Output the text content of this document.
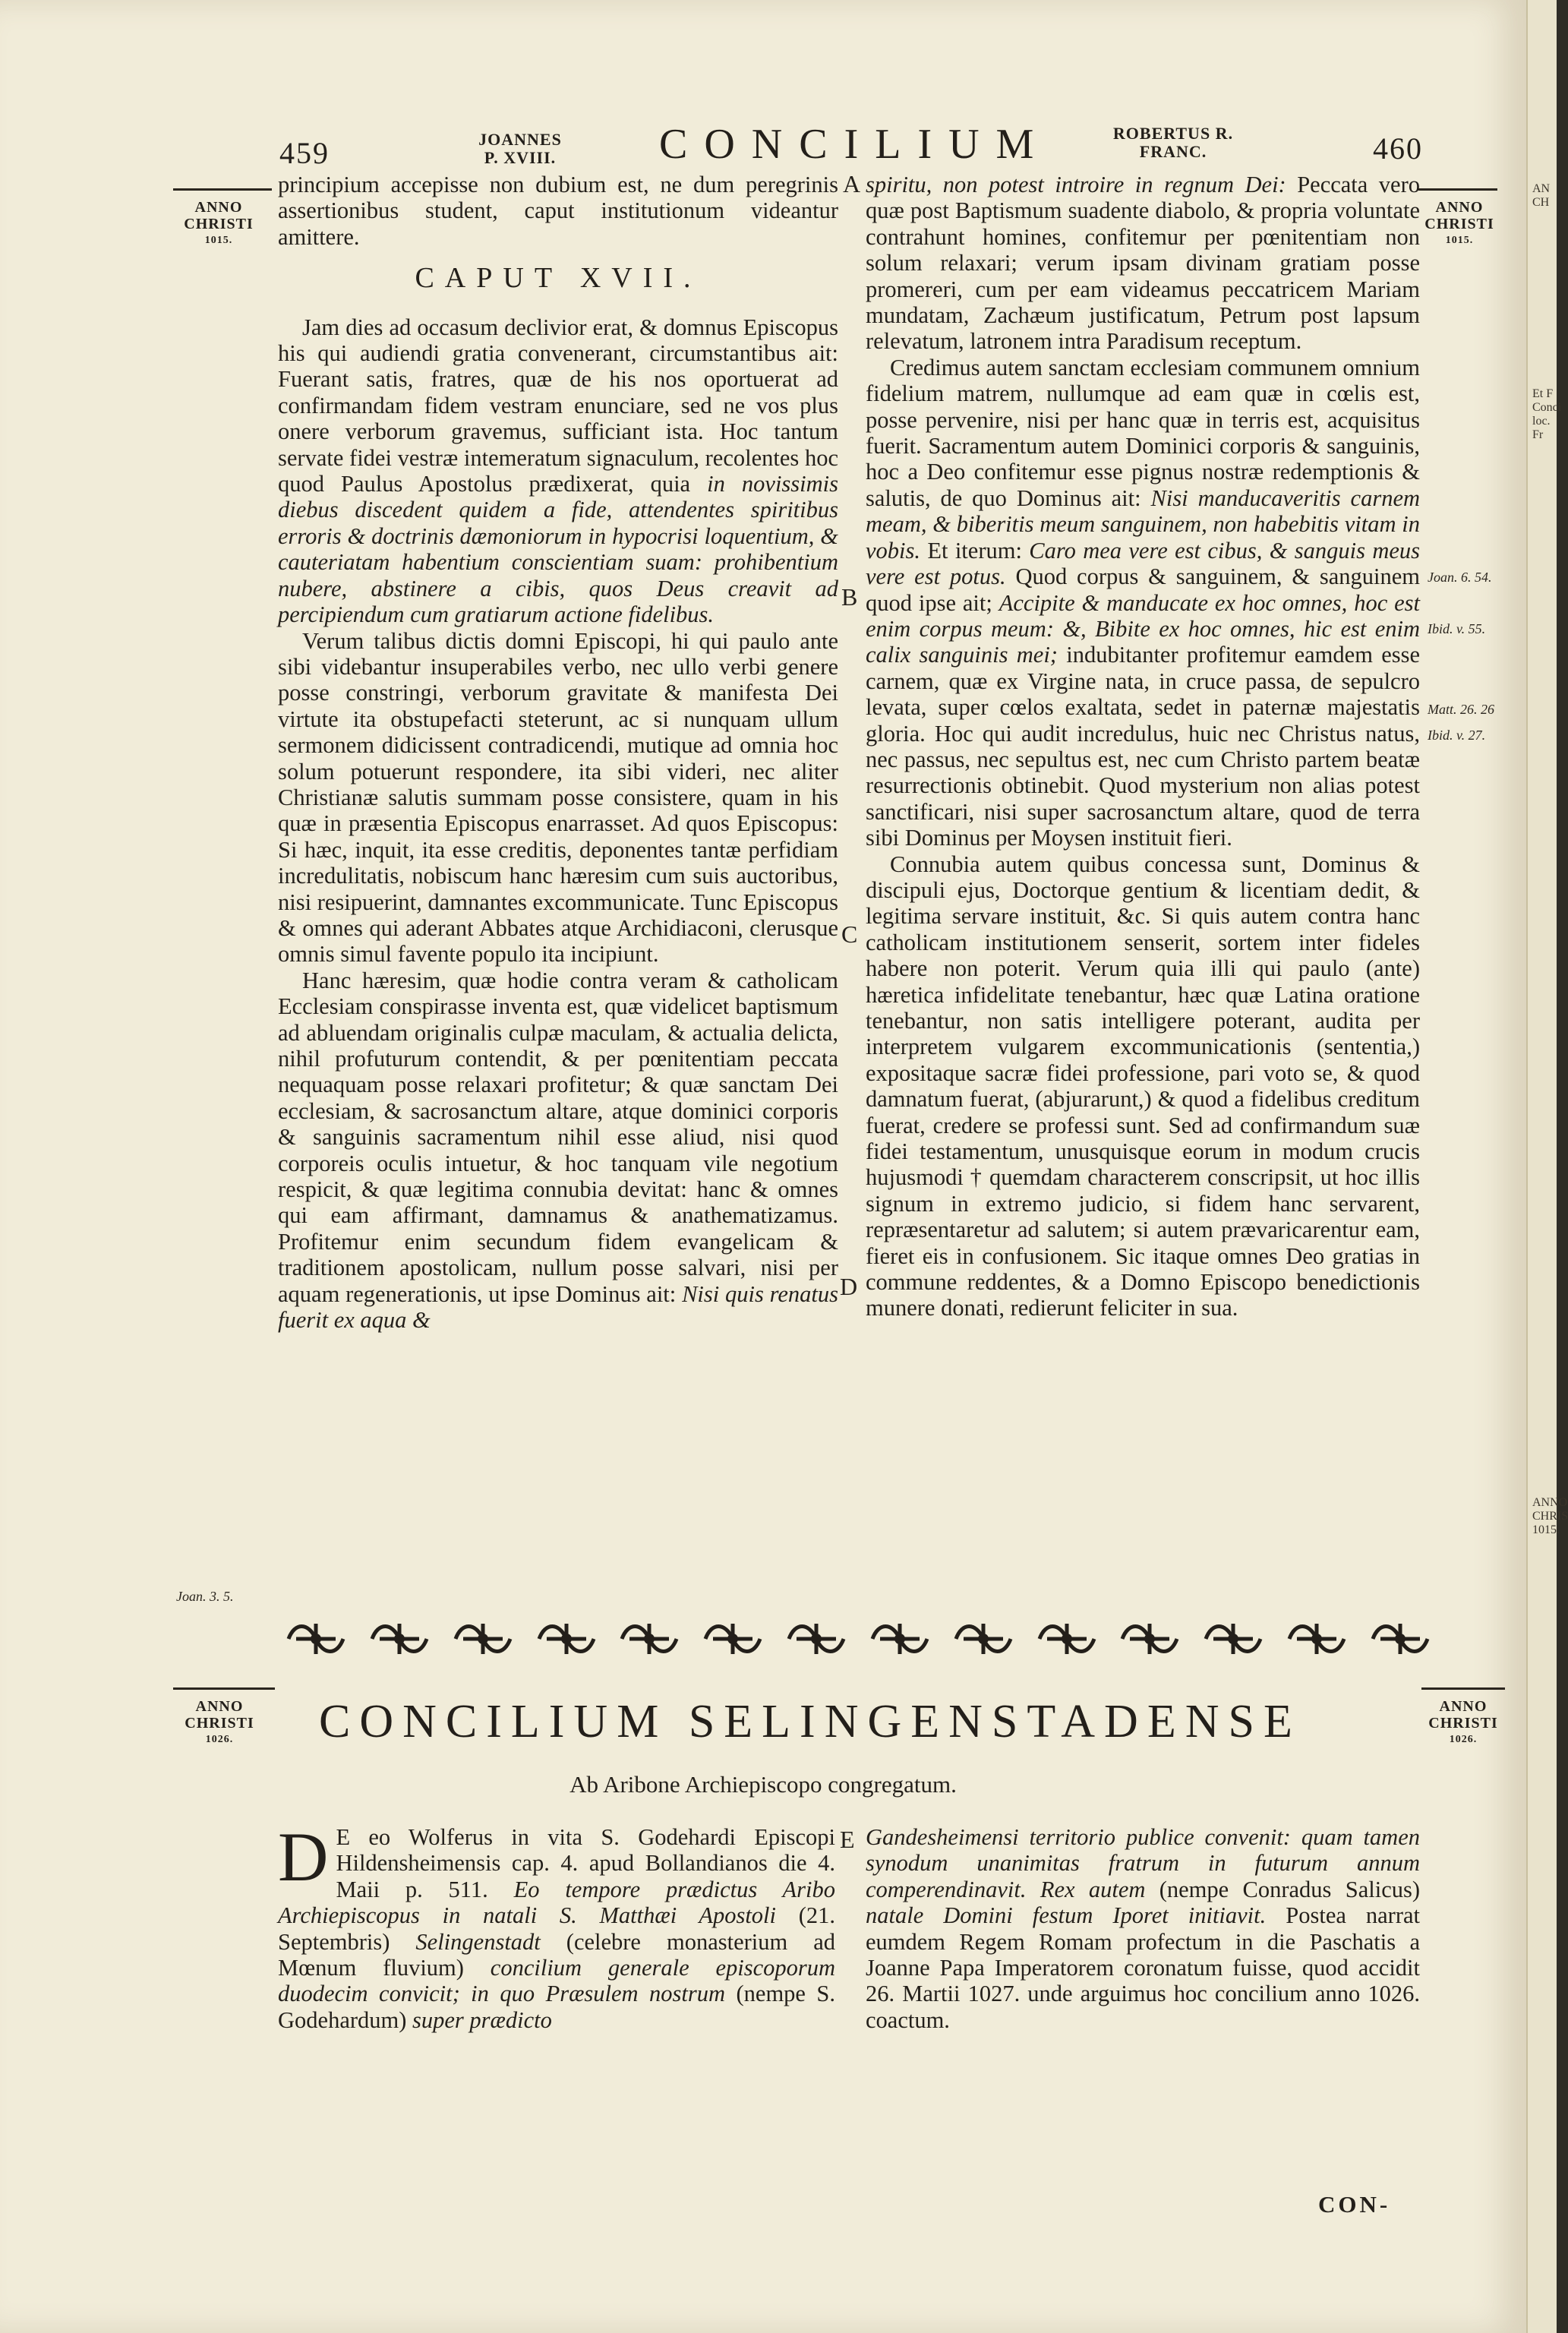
459	JOANNES
P. XVIII.	CONCILIUM	ROBERTUS R.
FRANC.	460
ANNO
CHRISTI
1015.
ANNO
CHRISTI
1015.

principium accepisse non dubium est, ne dum peregrinis assertionibus student, caput institutionum videantur amittere.

CAPUT XVII.

Jam dies ad occasum declivior erat, & domnus Episcopus his qui audiendi gratia convenerant, circumstantibus ait: Fuerant satis, fratres, quæ de his nos oportuerat ad confirmandam fidem vestram enunciare, sed ne vos plus onere verborum gravemus, sufficiant ista. Hoc tantum servate fidei vestræ intemeratum signaculum, recolentes hoc quod Paulus Apostolus prædixerat, quia in novissimis diebus discedent quidem a fide, attendentes spiritibus erroris & doctrinis dæmoniorum in hypocrisi loquentium, & cauteriatam habentium conscientiam suam: prohibentium nubere, abstinere a cibis, quos Deus creavit ad percipiendum cum gratiarum actione fidelibus.

Verum talibus dictis domni Episcopi, hi qui paulo ante sibi videbantur insuperabiles verbo, nec ullo verbi genere posse constringi, verborum gravitate & manifesta Dei virtute ita obstupefacti steterunt, ac si nunquam ullum sermonem didicissent contradicendi, mutique ad omnia hoc solum potuerunt respondere, ita sibi videri, nec aliter Christianæ salutis summam posse consistere, quam in his quæ in præsentia Episcopus enarrasset. Ad quos Episcopus: Si hæc, inquit, ita esse creditis, deponentes tantæ perfidiam incredulitatis, nobiscum hanc hæresim cum suis auctoribus, nisi resipuerint, damnantes excommunicate. Tunc Episcopus & omnes qui aderant Abbates atque Archidiaconi, clerusque omnis simul favente populo ita incipiunt.

Hanc hæresim, quæ hodie contra veram & catholicam Ecclesiam conspirasse inventa est, quæ videlicet baptismum ad abluendam originalis culpæ maculam, & actualia delicta, nihil profuturum contendit, & per pœnitentiam peccata nequaquam posse relaxari profitetur; & quæ sanctam Dei ecclesiam, & sacrosanctum altare, atque dominici corporis & sanguinis sacramentum nihil esse aliud, nisi quod corporeis oculis intuetur, & hoc tanquam vile negotium respicit, & quæ legitima connubia devitat: hanc & omnes qui eam affirmant, damnamus & anathematizamus. Profitemur enim secundum fidem evangelicam & traditionem apostolicam, nullum posse salvari, nisi per aquam regenerationis, ut ipse Dominus ait: Nisi quis renatus fuerit ex aqua &

spiritu, non potest introire in regnum Dei: Peccata vero quæ post Baptismum suadente diabolo, & propria voluntate contrahunt homines, confitemur per pœnitentiam non solum relaxari; verum ipsam divinam gratiam posse promereri, cum per eam videamus peccatricem Mariam mundatam, Zachæum justificatum, Petrum post lapsum relevatum, latronem intra Paradisum receptum.

Credimus autem sanctam ecclesiam communem omnium fidelium matrem, nullumque ad eam quæ in cœlis est, posse pervenire, nisi per hanc quæ in terris est, acquisitus fuerit. Sacramentum autem Dominici corporis & sanguinis, hoc a Deo confitemur esse pignus nostræ redemptionis & salutis, de quo Dominus ait: Nisi manducaveritis carnem meam, & biberitis meum sanguinem, non habebitis vitam in vobis. Et iterum: Caro mea vere est cibus, & sanguis meus vere est potus. Quod corpus & sanguinem, & sanguinem quod ipse ait; Accipite & manducate ex hoc omnes, hoc est enim corpus meum: &, Bibite ex hoc omnes, hic est enim calix sanguinis mei; indubitanter profitemur eamdem esse carnem, quæ ex Virgine nata, in cruce passa, de sepulcro levata, super cœlos exaltata, sedet in paternæ majestatis gloria. Hoc qui audit incredulus, huic nec Christus natus, nec passus, nec sepultus est, nec cum Christo partem beatæ resurrectionis obtinebit. Quod mysterium non alias potest sanctificari, nisi super sacrosanctum altare, quod de terra sibi Dominus per Moysen instituit fieri.

Connubia autem quibus concessa sunt, Dominus & discipuli ejus, Doctorque gentium & licentiam dedit, & legitima servare instituit, &c. Si quis autem contra hanc catholicam institutionem senserit, sortem inter fideles habere non poterit. Verum quia illi qui paulo (ante) hæretica infidelitate tenebantur, hæc quæ Latina oratione tenebantur, non satis intelligere poterant, audita per interpretem vulgarem excommunicationis (sententia,) expositaque sacræ fidei professione, pari voto se, & quod damnatum fuerat, (abjurarunt,) & quod a fidelibus creditum fuerat, credere se professi sunt. Sed ad confirmandum suæ fidei testamentum, unusquisque eorum in modum crucis hujusmodi † quemdam characterem conscripsit, ut hoc illis signum in extremo judicio, si fidem hanc servarent, repræsentaretur ad salutem; si autem prævaricarentur eam, fieret eis in confusionem. Sic itaque omnes Deo gratias in commune reddentes, & a Domno Episcopo benedictionis munere donati, redierunt feliciter in sua.

A
B
C
D
Joan. 6. 54.
Ibid. v. 55.
Matt. 26. 26
Ibid. v. 27.
Joan. 3. 5.
ANNO
CHRISTI
1026.
ANNO
CHRISTI
1026.
CONCILIUM SELINGENSTADENSE
Ab Aribone Archiepiscopo congregatum.
E

D E eo Wolferus in vita S. Godehardi Episcopi Hildensheimensis cap. 4. apud Bollandianos die 4. Maii p. 511. Eo tempore prædictus Aribo Archiepiscopus in natali S. Matthæi Apostoli (21. Septembris) Selingenstadt (celebre monasterium ad Mœnum fluvium) concilium generale episcoporum duodecim convicit; in quo Præsulem nostrum (nempe S. Godehardum) super prædicto

Gandesheimensi territorio publice convenit: quam tamen synodum unanimitas fratrum in futurum annum comperendinavit. Rex autem (nempe Conradus Salicus) natale Domini festum Iporet initiavit. Postea narrat eumdem Regem Romam profectum in die Paschatis a Joanne Papa Imperatorem coronatum fuisse, quod accidit 26. Martii 1027. unde arguimus hoc concilium anno 1026. coactum.

CON-
AN
CH
Et F
Conci
loc. Fr
ANNO
CHRIS
1015.
